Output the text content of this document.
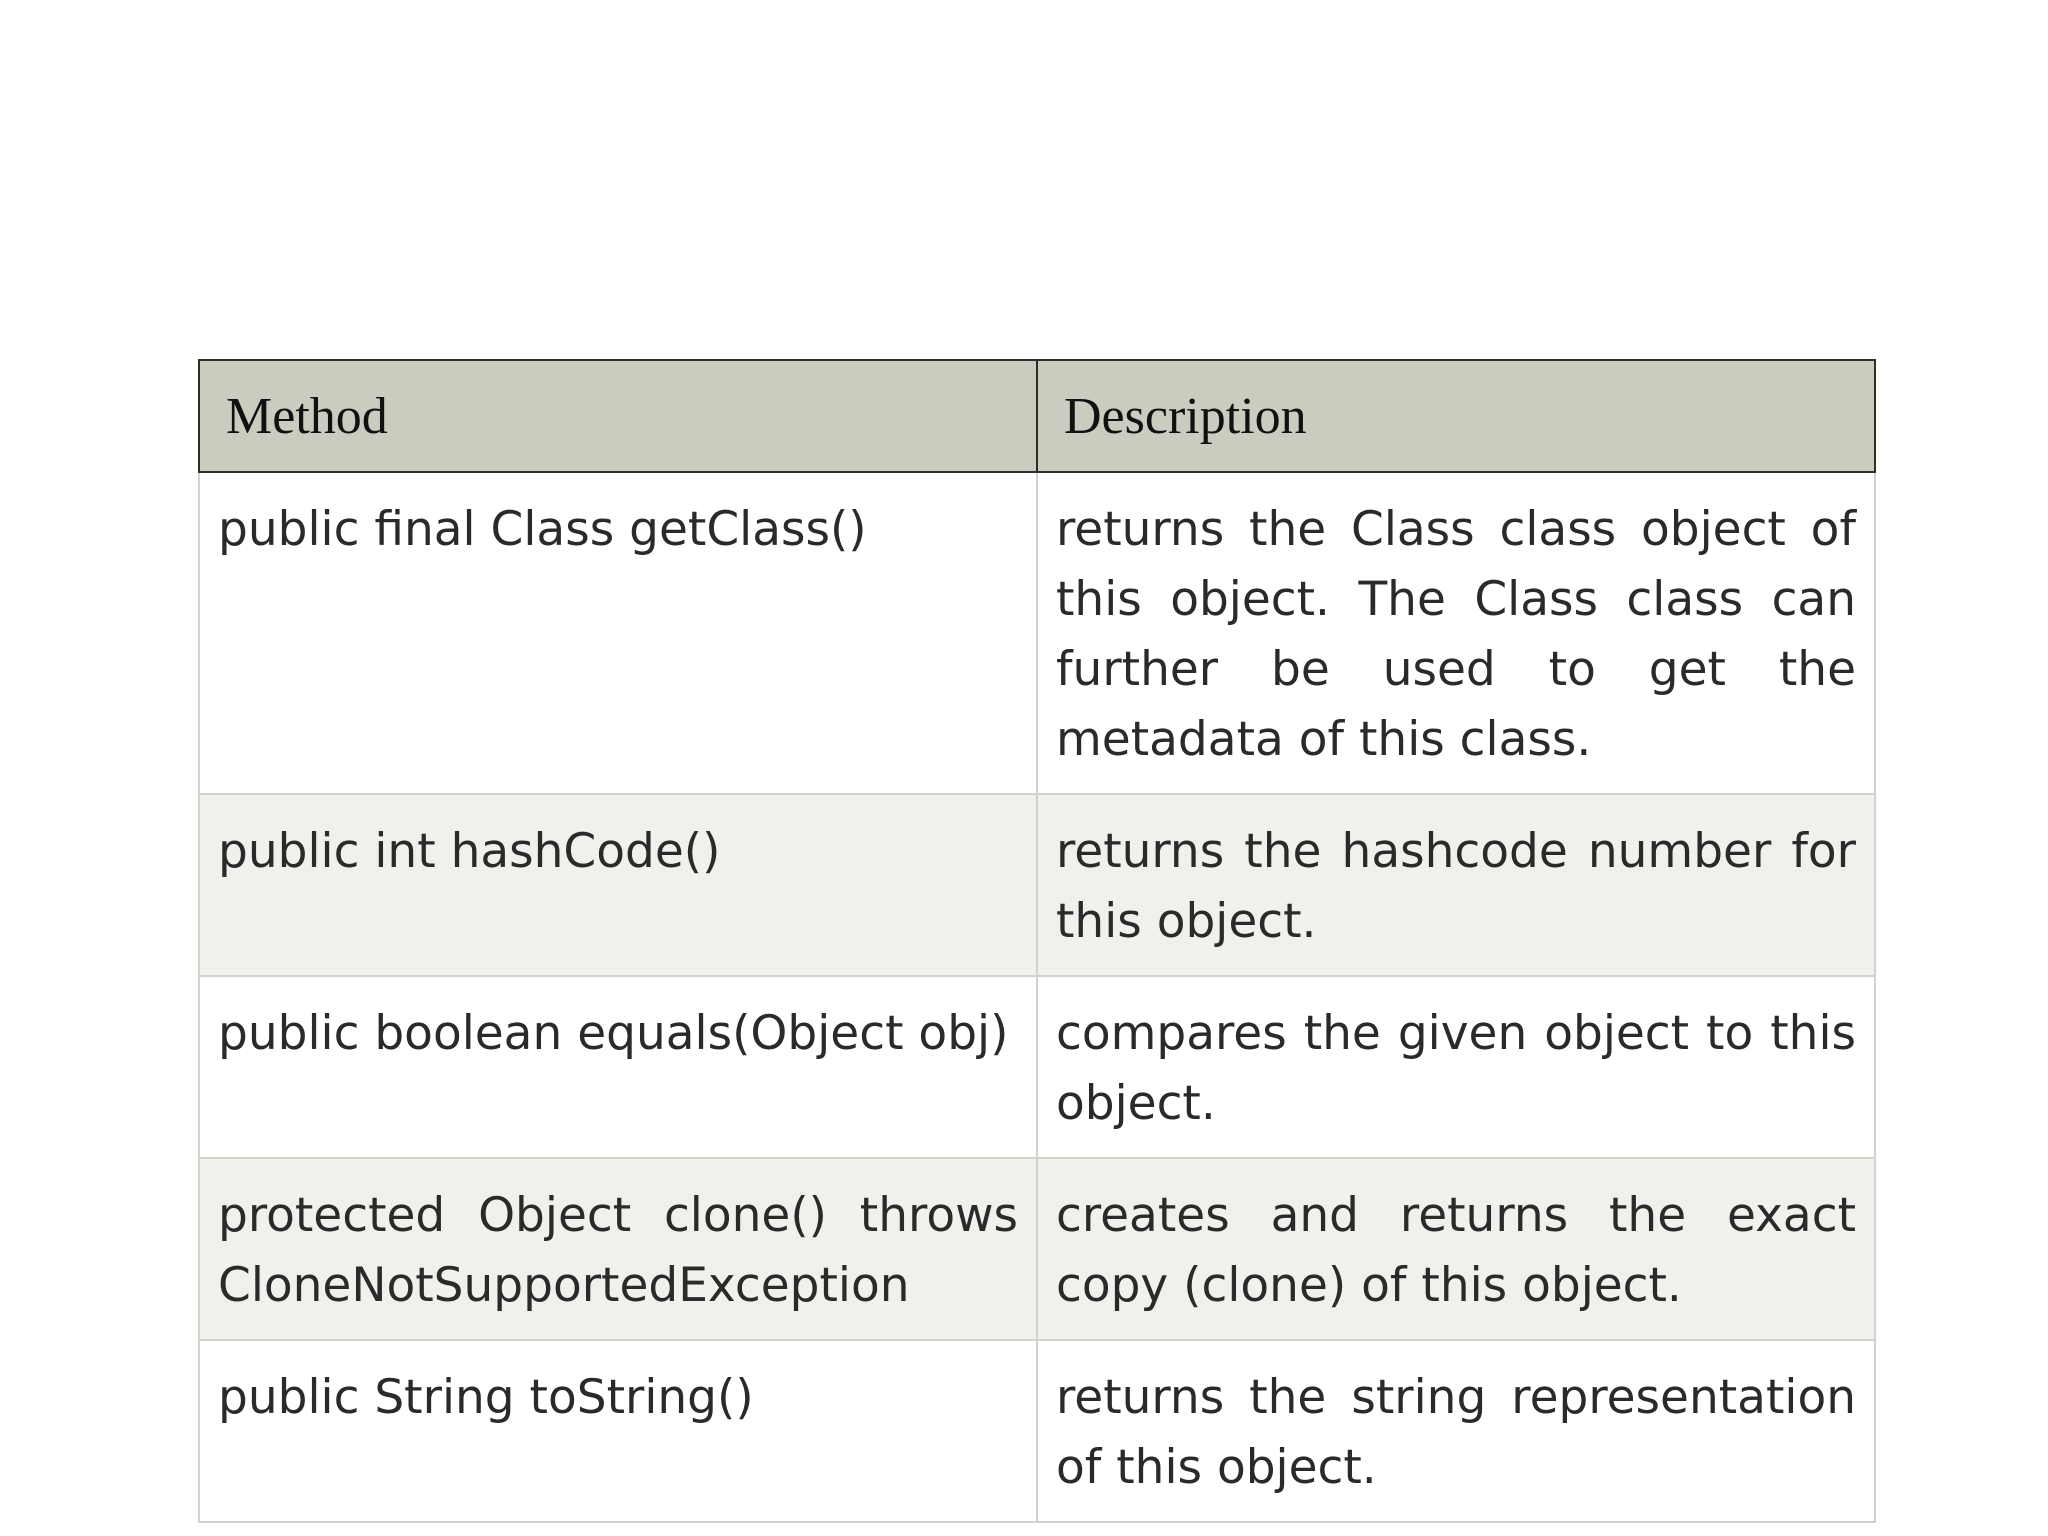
Method	Description
public final Class getClass()	returns the Class class object of this object. The Class class can further be used to get the metadata of this class.
public int hashCode()	returns the hashcode number for this object.
public boolean equals(Object obj)	compares the given object to this object.
protected Object clone() throws CloneNotSupportedException	creates and returns the exact copy (clone) of this object.
public String toString()	returns the string representation of this object.
